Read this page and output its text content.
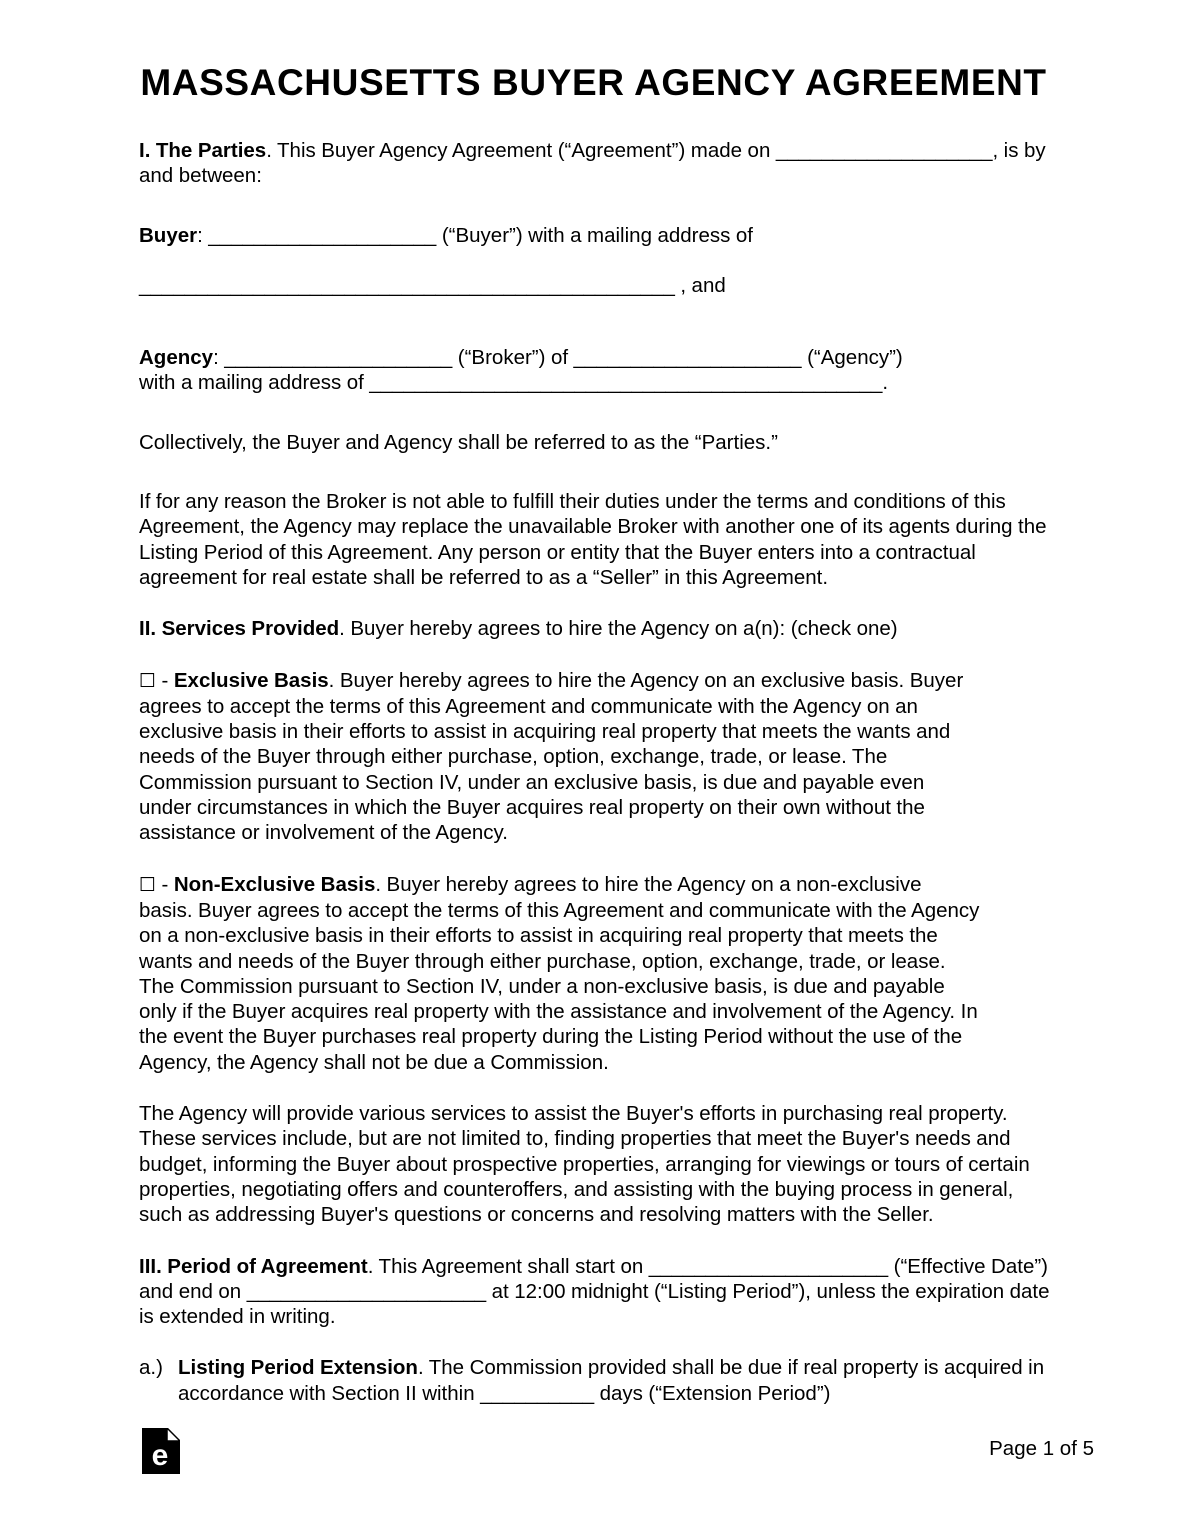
MASSACHUSETTS BUYER AGENCY AGREEMENT

I. The Parties. This Buyer Agency Agreement (“Agreement”) made on ___________________, is by and between:

Buyer: ____________________ (“Buyer”) with a mailing address of

_______________________________________________ , and

Agency: ____________________ (“Broker”) of ____________________ (“Agency”)

with a mailing address of _____________________________________________.

Collectively, the Buyer and Agency shall be referred to as the “Parties.”

If for any reason the Broker is not able to fulfill their duties under the terms and conditions of this Agreement, the Agency may replace the unavailable Broker with another one of its agents during the Listing Period of this Agreement. Any person or entity that the Buyer enters into a contractual agreement for real estate shall be referred to as a “Seller” in this Agreement.

II. Services Provided. Buyer hereby agrees to hire the Agency on a(n): (check one)

☐ - Exclusive Basis. Buyer hereby agrees to hire the Agency on an exclusive basis. Buyer agrees to accept the terms of this Agreement and communicate with the Agency on an exclusive basis in their efforts to assist in acquiring real property that meets the wants and needs of the Buyer through either purchase, option, exchange, trade, or lease. The Commission pursuant to Section IV, under an exclusive basis, is due and payable even under circumstances in which the Buyer acquires real property on their own without the assistance or involvement of the Agency.

☐ - Non-Exclusive Basis. Buyer hereby agrees to hire the Agency on a non-exclusive basis. Buyer agrees to accept the terms of this Agreement and communicate with the Agency on a non-exclusive basis in their efforts to assist in acquiring real property that meets the wants and needs of the Buyer through either purchase, option, exchange, trade, or lease. The Commission pursuant to Section IV, under a non-exclusive basis, is due and payable only if the Buyer acquires real property with the assistance and involvement of the Agency. In the event the Buyer purchases real property during the Listing Period without the use of the Agency, the Agency shall not be due a Commission.

The Agency will provide various services to assist the Buyer's efforts in purchasing real property. These services include, but are not limited to, finding properties that meet the Buyer's needs and budget, informing the Buyer about prospective properties, arranging for viewings or tours of certain properties, negotiating offers and counteroffers, and assisting with the buying process in general, such as addressing Buyer's questions or concerns and resolving matters with the Seller.

III. Period of Agreement. This Agreement shall start on _____________________ (“Effective Date”) and end on _____________________ at 12:00 midnight (“Listing Period”), unless the expiration date is extended in writing.

a.) Listing Period Extension. The Commission provided shall be due if real property is acquired in accordance with Section II within __________ days (“Extension Period”)

e	Page 1 of 5
